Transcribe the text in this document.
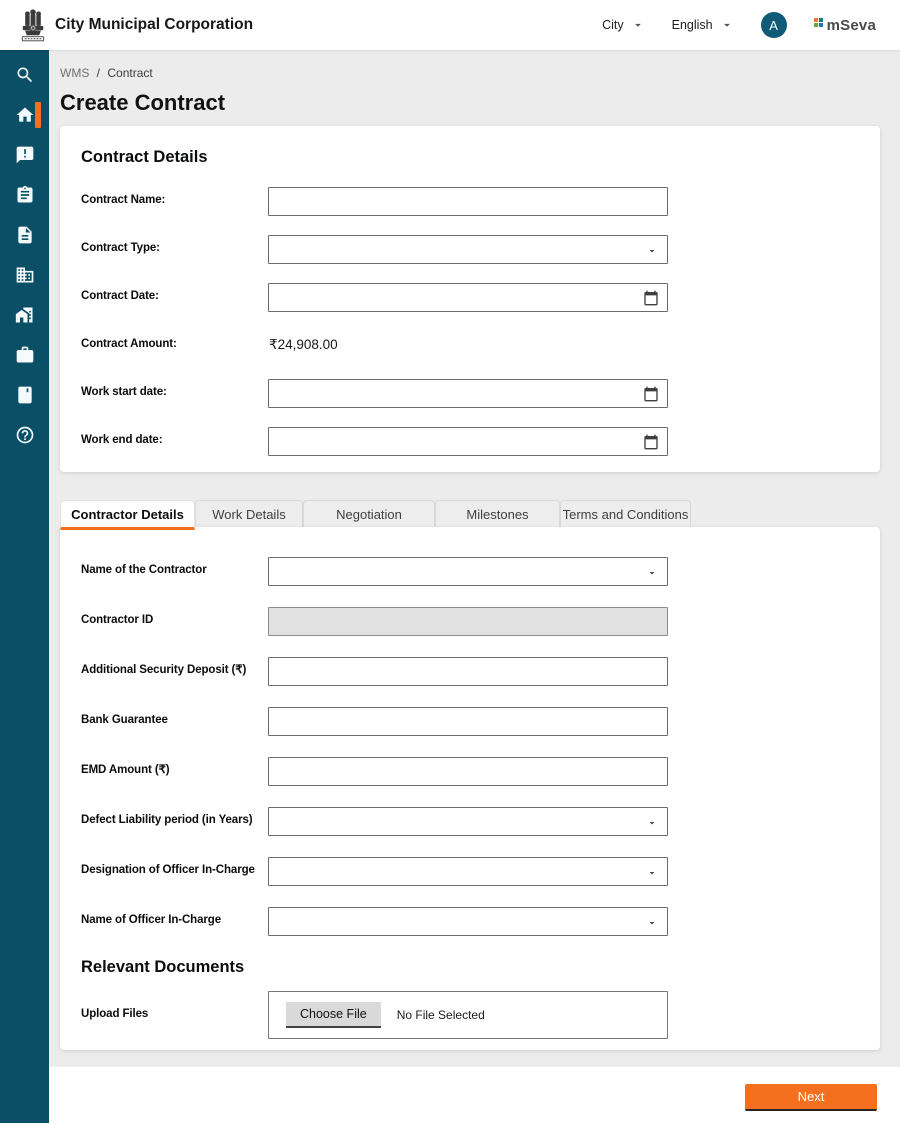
City Municipal Corporation	City	English	A	mSeva
WMS / Contract
Create Contract
Contract Details
Contract Name:
Contract Type:
Contract Date:
Contract Amount:	₹24,908.00
Work start date:
Work end date:
Contractor Details	Work Details	Negotiation	Milestones	Terms and Conditions
Name of the Contractor
Contractor ID
Additional Security Deposit (₹)
Bank Guarantee
EMD Amount (₹)
Defect Liability period (in Years)
Designation of Officer In-Charge
Name of Officer In-Charge
Relevant Documents
Upload Files	Choose File	No File Selected
Next
